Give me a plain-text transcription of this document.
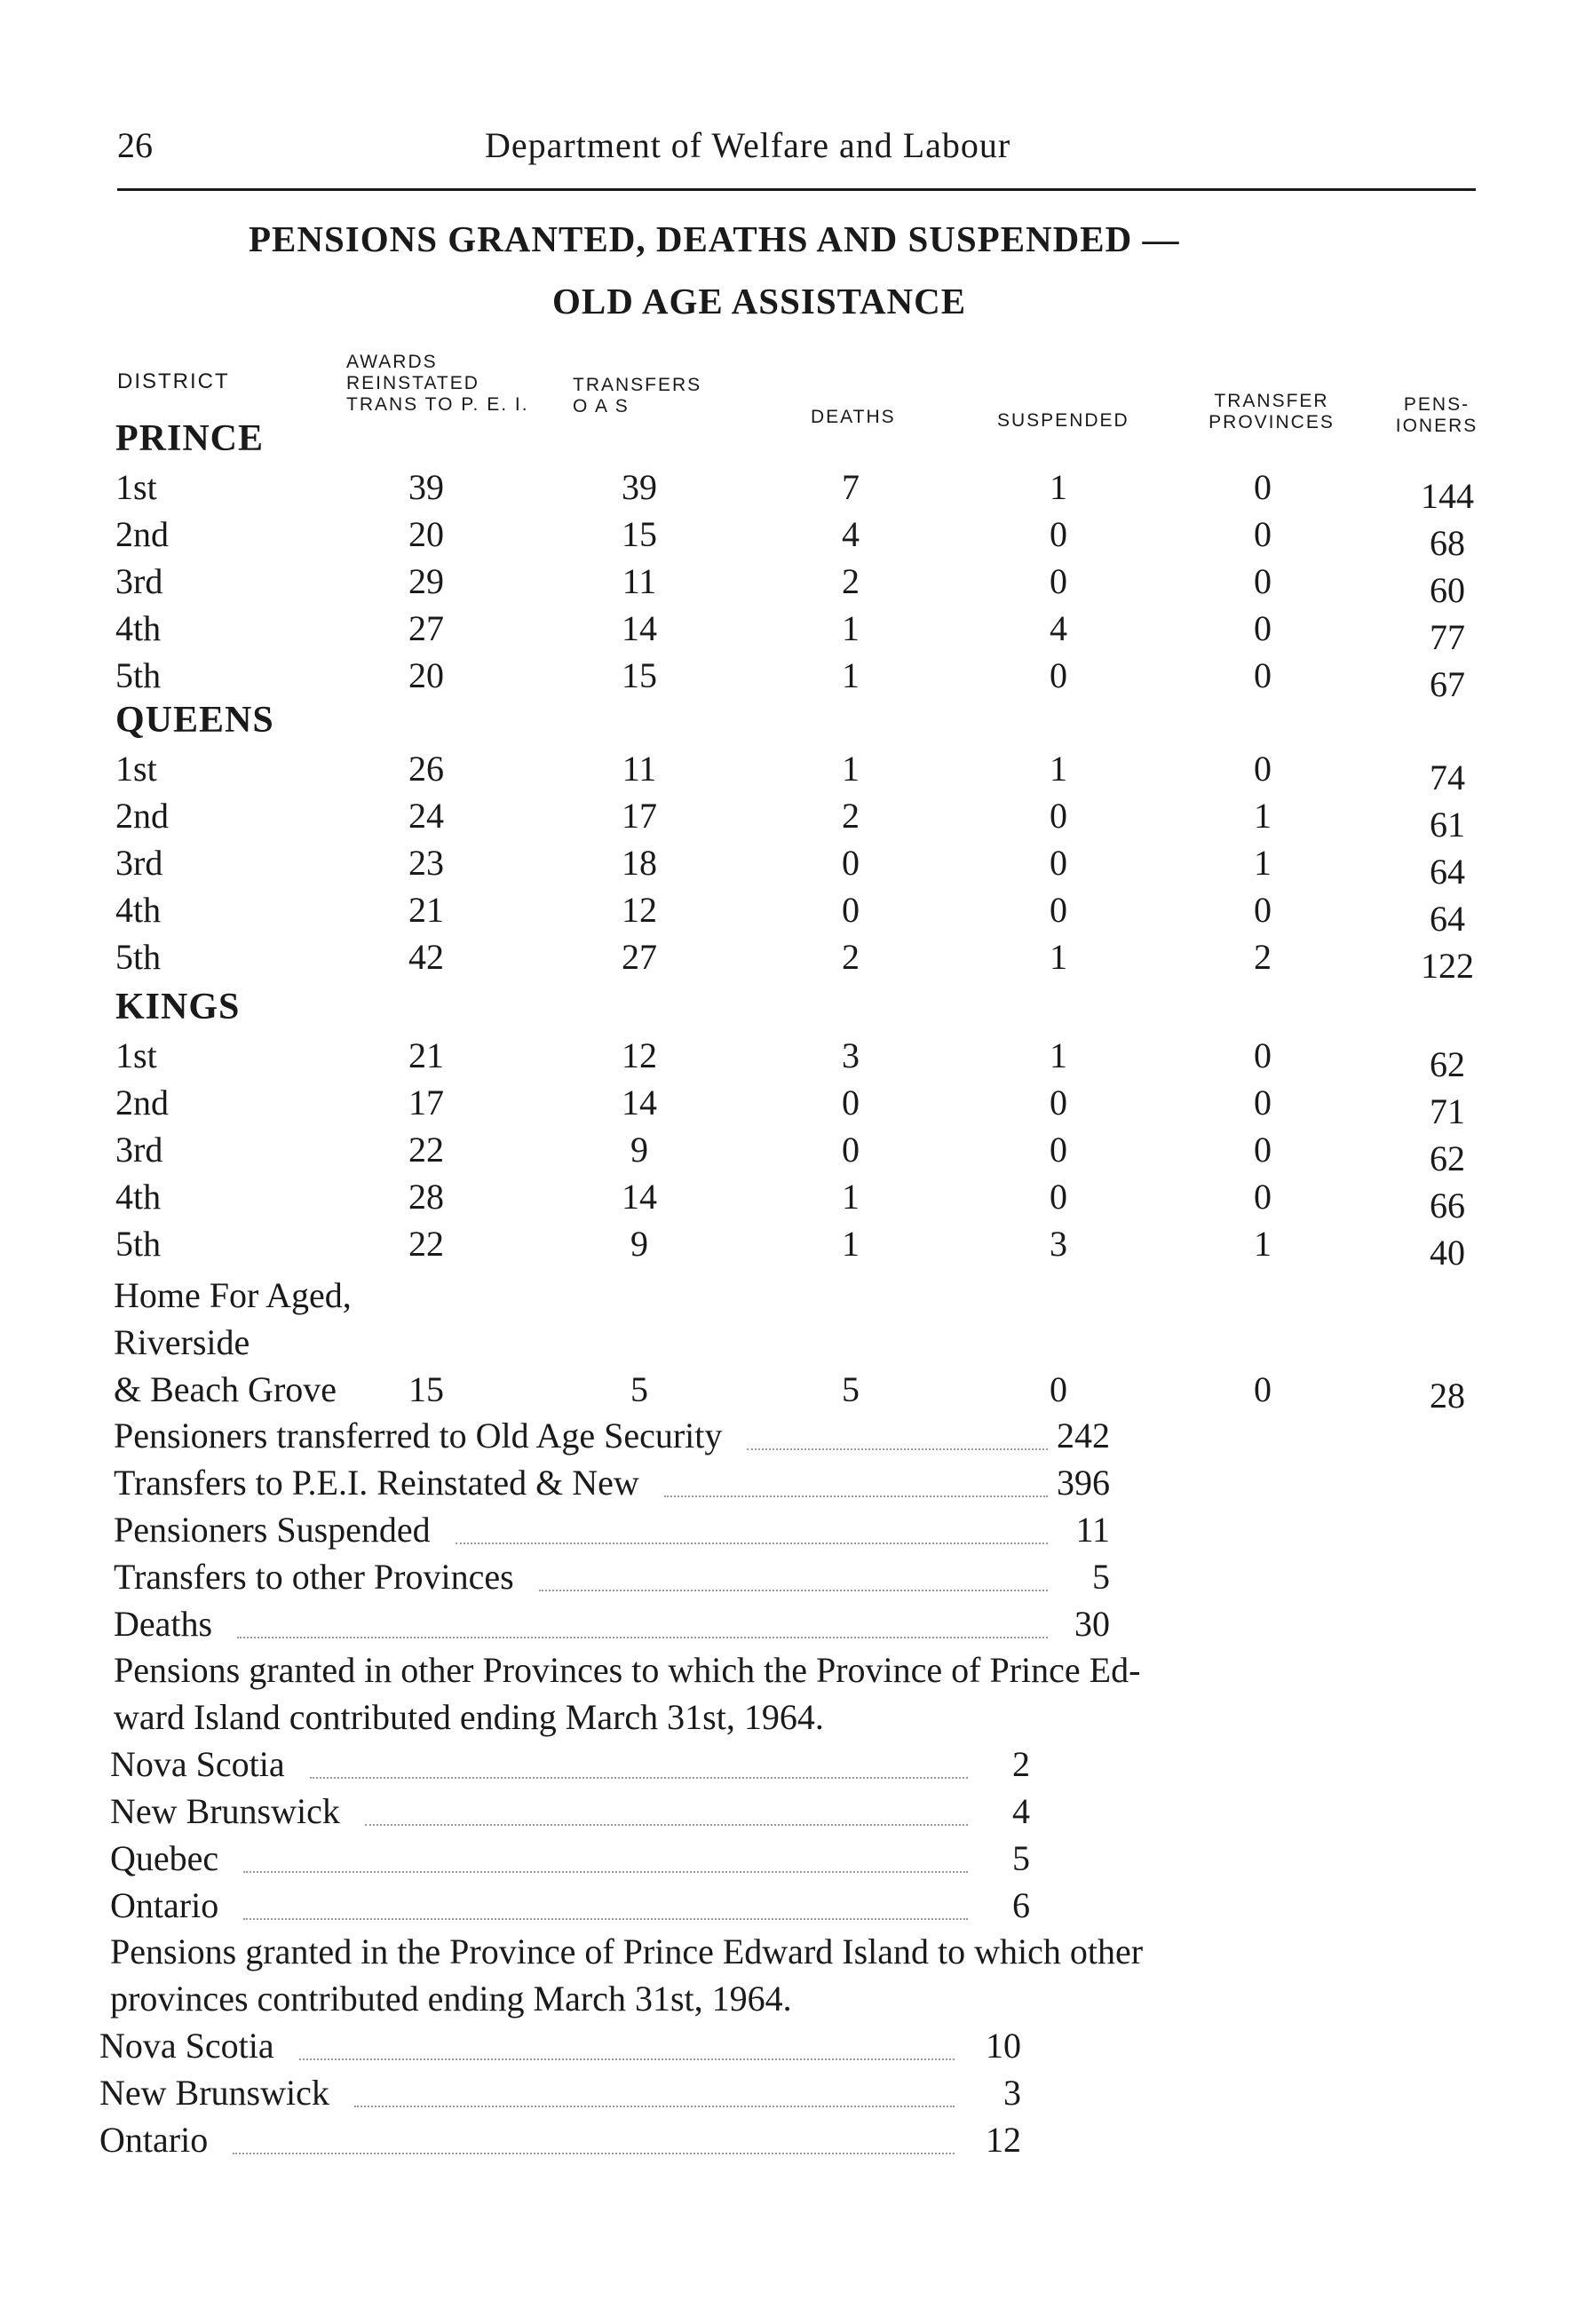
26	Department of Welfare and Labour
PENSIONS GRANTED, DEATHS AND SUSPENDED —
OLD AGE ASSISTANCE
DISTRICT
AWARDS
REINSTATED
TRANS TO P. E. I.
TRANSFERS
O A S
DEATHS	SUSPENDED
TRANSFER
PROVINCES
PENS-
IONERS
PRINCE
1st	39	39	7	1	0	144
2nd	20	15	4	0	0	68
3rd	29	11	2	0	0	60
4th	27	14	1	4	0	77
5th	20	15	1	0	0	67
QUEENS
1st	26	11	1	1	0	74
2nd	24	17	2	0	1	61
3rd	23	18	0	0	1	64
4th	21	12	0	0	0	64
5th	42	27	2	1	2	122
KINGS
1st	21	12	3	1	0	62
2nd	17	14	0	0	0	71
3rd	22	9	0	0	0	62
4th	28	14	1	0	0	66
5th	22	9	1	3	1	40
Home For Aged,
Riverside
& Beach Grove	15	5	5	0	0	28
Pensioners transferred to Old Age Security	242
Transfers to P.E.I. Reinstated & New	396
Pensioners Suspended	11
Transfers to other Provinces	5
Deaths	30
Pensions granted in other Provinces to which the Province of Prince Ed-
ward Island contributed ending March 31st, 1964.
Nova Scotia	2
New Brunswick	4
Quebec	5
Ontario	6
Pensions granted in the Province of Prince Edward Island to which other
provinces contributed ending March 31st, 1964.
Nova Scotia	10
New Brunswick	3
Ontario	12
